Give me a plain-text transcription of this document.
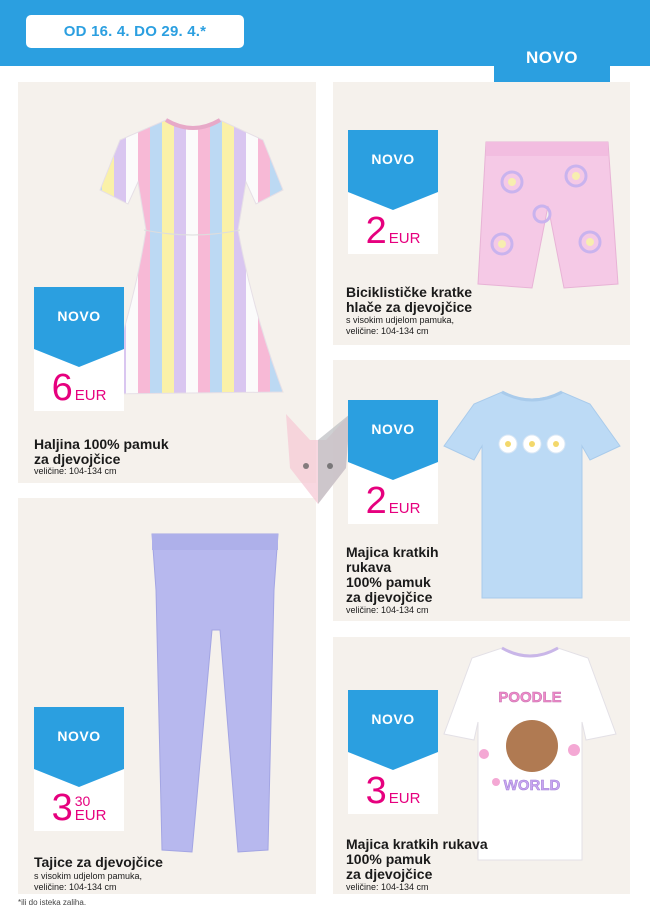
OD 16. 4. DO 29. 4.*
NOVO
POODLE
WORLD
NOVO
6 EUR
NOVO
2 EUR
NOVO
2 EUR
NOVO
3 30
EUR
NOVO
3 EUR
Haljina 100% pamuk
za djevojčice
veličine: 104-134 cm
Biciklističke kratke
hlače za djevojčice
s visokim udjelom pamuka,
veličine: 104-134 cm
Majica kratkih
rukava
100% pamuk
za djevojčice
veličine: 104-134 cm
Tajice za djevojčice
s visokim udjelom pamuka,
veličine: 104-134 cm
Majica kratkih rukava
100% pamuk
za djevojčice
veličine: 104-134 cm
*ili do isteka zaliha.
